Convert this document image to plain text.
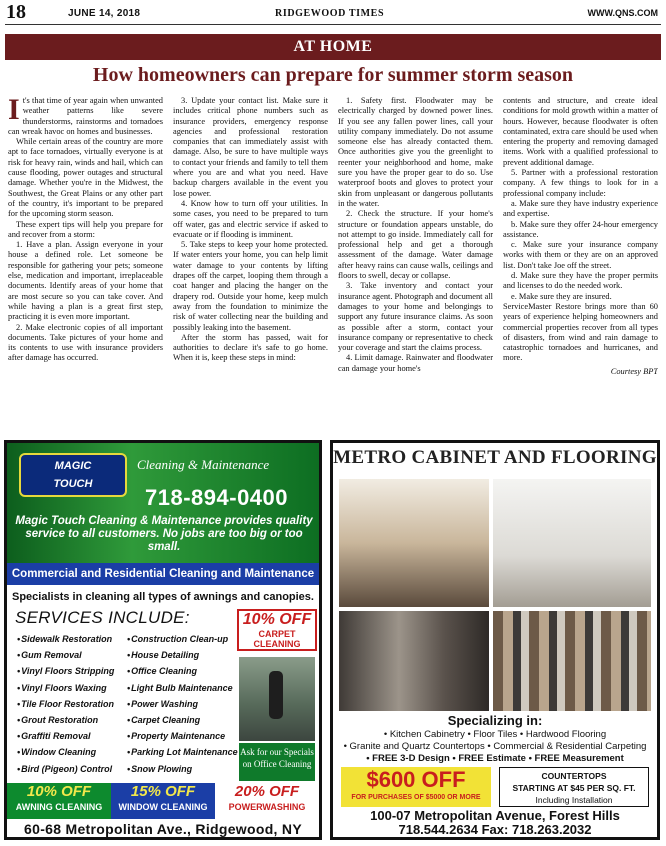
18	JUNE 14, 2018	RIDGEWOOD TIMES	WWW.QNS.COM
AT HOME
How homeowners can prepare for summer storm season

It's that time of year again when unwanted weather patterns like severe thunderstorms, rainstorms and tornadoes can wreak havoc on homes and businesses.

While certain areas of the country are more apt to face tornadoes, virtually everyone is at risk for heavy rain, winds and hail, which can cause flooding, power outages and structural damage. Whether you're in the Midwest, the Southwest, the Great Plains or any other part of the country, it's important to be prepared for the upcoming storm season.

These expert tips will help you prepare for and recover from a storm:

1. Have a plan. Assign everyone in your house a defined role. Let someone be responsible for gathering your pets; someone else, medication and important, irreplaceable documents. Identify areas of your home that are most secure so you can take cover. And while having a plan is a great first step, practicing it is even more important.

2. Make electronic copies of all important documents. Take pictures of your home and its contents to use with insurance providers after damage has occurred.

3. Update your contact list. Make sure it includes critical phone numbers such as insurance providers, emergency response agencies and professional restoration companies that can immediately assist with damage. Also, be sure to have multiple ways to contact your friends and family to tell them where you are and what you need. Have backup chargers available in the event you lose power.

4. Know how to turn off your utilities. In some cases, you need to be prepared to turn off water, gas and electric service if asked to evacuate or if flooding is imminent.

5. Take steps to keep your home protected. If water enters your home, you can help limit water damage to your contents by lifting drapes off the carpet, looping them through a coat hanger and placing the hanger on the drapery rod. Outside your home, keep mulch away from the foundation to minimize the risk of water collecting near the building and possibly leaking into the basement.

After the storm has passed, wait for authorities to declare it's safe to go home. When it is, keep these steps in mind:

1. Safety first. Floodwater may be electrically charged by downed power lines. If you see any fallen power lines, call your utility company immediately. Do not assume someone else has already contacted them. Once authorities give you the greenlight to reenter your neighborhood and home, make sure you have the proper gear to do so. Use waterproof boots and gloves to protect your skin from unpleasant or dangerous pollutants in the water.

2. Check the structure. If your home's structure or foundation appears unstable, do not attempt to go inside. Immediately call for professional help and get a thorough assessment of the damage. Water damage after heavy rains can cause walls, ceilings and floors to swell, decay or collapse.

3. Take inventory and contact your insurance agent. Photograph and document all damages to your home and belongings to support any future insurance claims. As soon as possible after a storm, contact your insurance company or representative to check your coverage and start the claims process.

4. Limit damage. Rainwater and floodwater can damage your home's

contents and structure, and create ideal conditions for mold growth within a matter of hours. However, because floodwater is often contaminated, extra care should be used when entering the property and removing damaged items. Work with a qualified professional to prevent additional damage.

5. Partner with a professional restoration company. A few things to look for in a professional company include:

a. Make sure they have industry experience and expertise.

b. Make sure they offer 24-hour emergency assistance.

c. Make sure your insurance company works with them or they are on an approved list. Don't take Joe off the street.

d. Make sure they have the proper permits and licenses to do the needed work.

e. Make sure they are insured.

ServiceMaster Restore brings more than 60 years of experience helping homeowners and commercial properties recover from all types of disasters, from wind and rain damage to catastrophic tornadoes and hurricanes, and more.

Courtesy BPT

MAGIC
TOUCH
Cleaning & Maintenance
718-894-0400
Magic Touch Cleaning & Maintenance provides quality service to all customers. No jobs are too big or too small.
Commercial and Residential Cleaning and Maintenance
Specialists in cleaning all types of awnings and canopies.
SERVICES INCLUDE:
• Sidewalk Restoration
• Gum Removal
• Vinyl Floors Stripping
• Vinyl Floors Waxing
• Tile Floor Restoration
• Grout Restoration
• Graffiti Removal
• Window Cleaning
• Bird (Pigeon) Control
• Construction Clean-up
• House Detailing
• Office Cleaning
• Light Bulb Maintenance
• Power Washing
• Carpet Cleaning
• Property Maintenance
• Parking Lot Maintenance
• Snow Plowing
10% OFF
CARPET CLEANING
Ask for our Specials on Office Cleaning
10% OFF
AWNING CLEANING
15% OFF
WINDOW CLEANING
20% OFF
POWERWASHING
60-68 Metropolitan Ave., Ridgewood, NY
METRO CABINET AND FLOORING
Specializing in:
• Kitchen Cabinetry • Floor Tiles • Hardwood Flooring
• Granite and Quartz Countertops • Commercial & Residential Carpeting
• FREE 3-D Design • FREE Estimate • FREE Measurement
$600 OFF
FOR PURCHASES OF $5000 OR MORE
COUNTERTOPS
STARTING AT $45 PER SQ. FT.
Including Installation
100-07 Metropolitan Avenue, Forest Hills
718.544.2634 Fax: 718.263.2032
